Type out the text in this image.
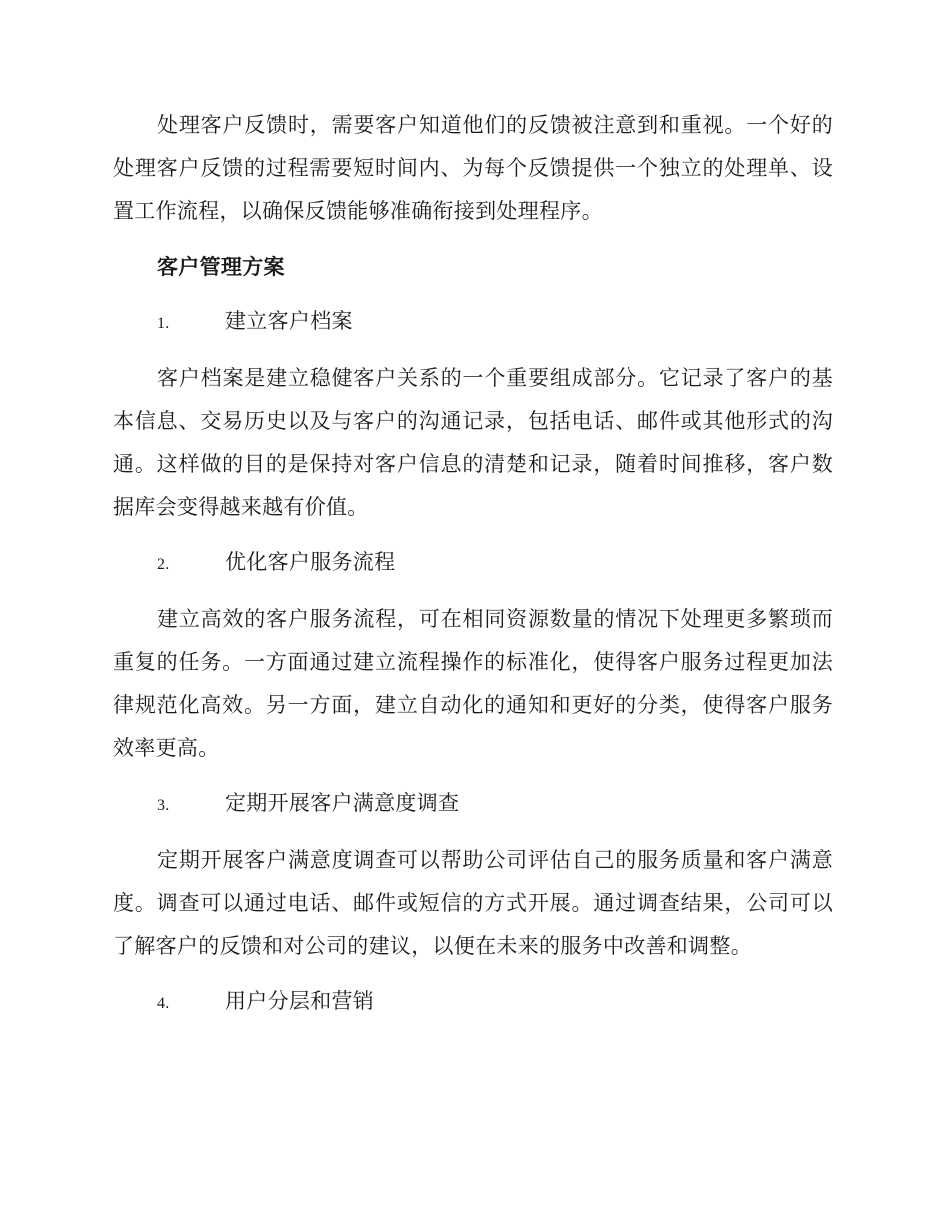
处理客户反馈时，需要客户知道他们的反馈被注意到和重视。一个好的处理客户反馈的过程需要短时间内、为每个反馈提供一个独立的处理单、设置工作流程，以确保反馈能够准确衔接到处理程序。

客户管理方案
1.	建立客户档案

客户档案是建立稳健客户关系的一个重要组成部分。它记录了客户的基本信息、交易历史以及与客户的沟通记录，包括电话、邮件或其他形式的沟通。这样做的目的是保持对客户信息的清楚和记录，随着时间推移，客户数据库会变得越来越有价值。

2.	优化客户服务流程

建立高效的客户服务流程，可在相同资源数量的情况下处理更多繁琐而重复的任务。一方面通过建立流程操作的标准化，使得客户服务过程更加法律规范化高效。另一方面，建立自动化的通知和更好的分类，使得客户服务效率更高。

3.	定期开展客户满意度调查

定期开展客户满意度调查可以帮助公司评估自己的服务质量和客户满意度。调查可以通过电话、邮件或短信的方式开展。通过调查结果，公司可以了解客户的反馈和对公司的建议，以便在未来的服务中改善和调整。

4.	用户分层和营销
